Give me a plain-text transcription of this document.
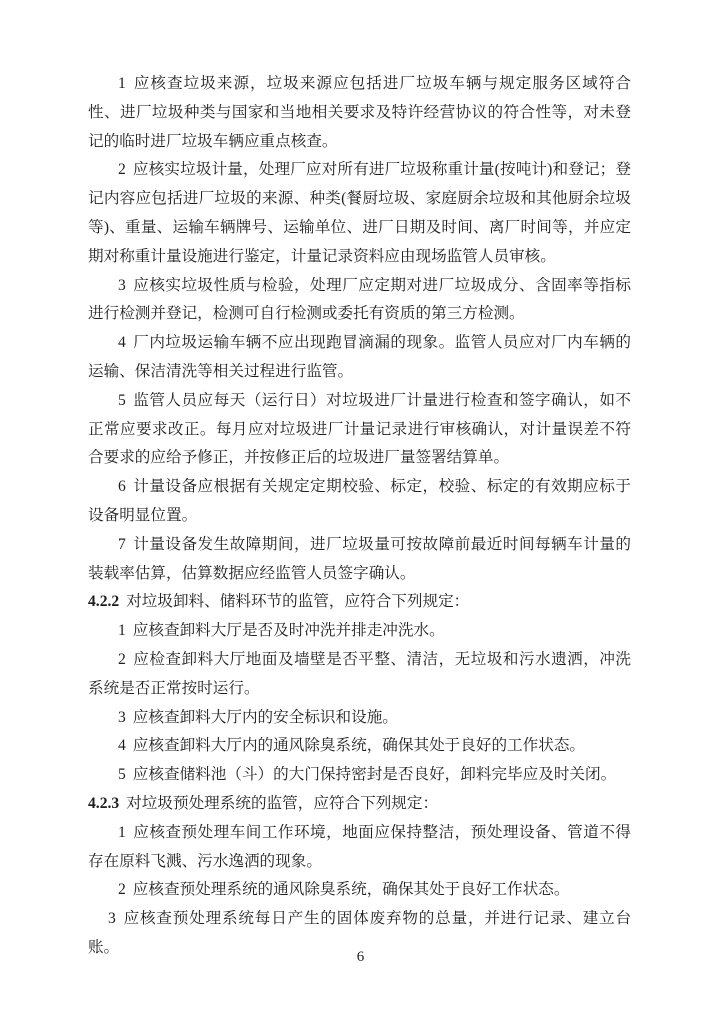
1 应核查垃圾来源，垃圾来源应包括进厂垃圾车辆与规定服务区域符合性、进厂垃圾种类与国家和当地相关要求及特许经营协议的符合性等，对未登记的临时进厂垃圾车辆应重点核查。

2 应核实垃圾计量，处理厂应对所有进厂垃圾称重计量(按吨计)和登记；登记内容应包括进厂垃圾的来源、种类(餐厨垃圾、家庭厨余垃圾和其他厨余垃圾等)、重量、运输车辆牌号、运输单位、进厂日期及时间、离厂时间等，并应定期对称重计量设施进行鉴定，计量记录资料应由现场监管人员审核。

3 应核实垃圾性质与检验，处理厂应定期对进厂垃圾成分、含固率等指标进行检测并登记，检测可自行检测或委托有资质的第三方检测。

4 厂内垃圾运输车辆不应出现跑冒滴漏的现象。监管人员应对厂内车辆的运输、保洁清洗等相关过程进行监管。

5 监管人员应每天（运行日）对垃圾进厂计量进行检查和签字确认，如不正常应要求改正。每月应对垃圾进厂计量记录进行审核确认，对计量误差不符合要求的应给予修正，并按修正后的垃圾进厂量签署结算单。

6 计量设备应根据有关规定定期校验、标定，校验、标定的有效期应标于设备明显位置。

7 计量设备发生故障期间，进厂垃圾量可按故障前最近时间每辆车计量的装载率估算，估算数据应经监管人员签字确认。

4.2.2 对垃圾卸料、储料环节的监管，应符合下列规定：

1 应核查卸料大厅是否及时冲洗并排走冲洗水。

2 应检查卸料大厅地面及墙壁是否平整、清洁，无垃圾和污水遗洒，冲洗系统是否正常按时运行。

3 应核查卸料大厅内的安全标识和设施。

4 应核查卸料大厅内的通风除臭系统，确保其处于良好的工作状态。

5 应核查储料池（斗）的大门保持密封是否良好，卸料完毕应及时关闭。

4.2.3 对垃圾预处理系统的监管，应符合下列规定：

1 应核查预处理车间工作环境，地面应保持整洁，预处理设备、管道不得存在原料飞溅、污水逸洒的现象。

2 应核查预处理系统的通风除臭系统，确保其处于良好工作状态。

3 应核查预处理系统每日产生的固体废弃物的总量，并进行记录、建立台账。

6
